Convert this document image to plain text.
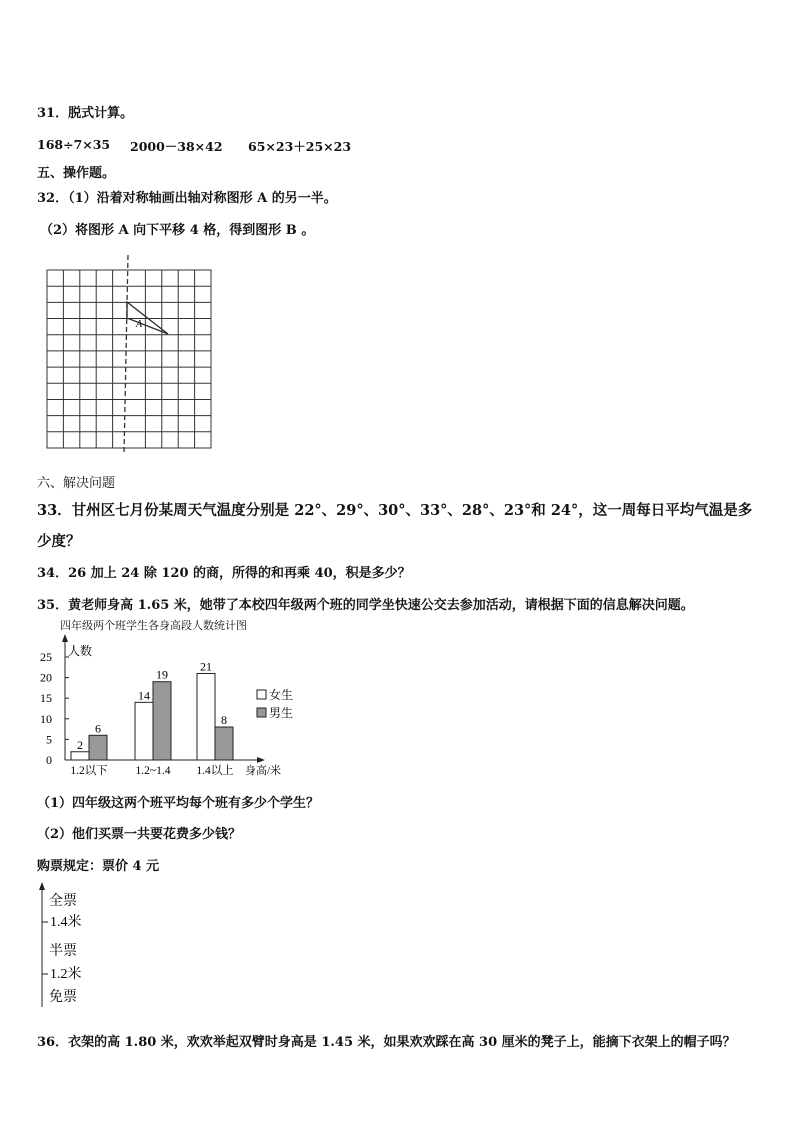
31．脱式计算。
168÷7×35 2000－38×42 65×23＋25×23
五、操作题。
32．（1）沿着对称轴画出轴对称图形 A 的另一半。
（2）将图形 A 向下平移 4 格，得到图形 B 。
A
六、解决问题
33．甘州区七月份某周天气温度分别是 22°、29°、30°、33°、28°、23°和 24°，这一周每日平均气温是多
少度？
34．26 加上 24 除 120 的商，所得的和再乘 40，积是多少？
35．黄老师身高 1.65 米，她带了本校四年级两个班的同学坐快速公交去参加活动，请根据下面的信息解决问题。
四年级两个班学生各身高段人数统计图
0
5
10
15
20
25
2
6
1.2以下
14
19
1.2~1.4
21
8
1.4以上
人数
身高/米
女生
男生
（1）四年级这两个班平均每个班有多少个学生？
（2）他们买票一共要花费多少钱？
购票规定：票价 4 元
全票
1.4米
半票
1.2米
免票
36．衣架的高 1.80 米，欢欢举起双臂时身高是 1.45 米，如果欢欢踩在高 30 厘米的凳子上，能摘下衣架上的帽子吗？
